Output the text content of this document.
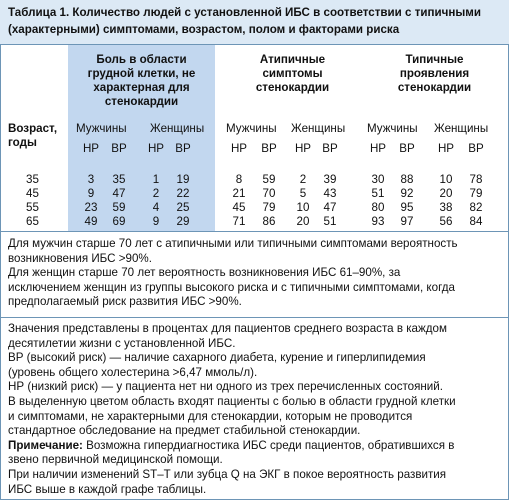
Таблица 1. Количество людей с установленной ИБС в соответствии с типичными (характерными) симптомами, возрастом, полом и факторами риска
Боль в области
грудной клетки, не
характерная для
стенокардии
Атипичные
симптомы
стенокардии
Типичные
проявления
стенокардии
Возраст,
годы
Мужчины Женщины Мужчины Женщины Мужчины Женщины
НР	ВР	НР ВР	НР	ВР	НР ВР	НР	ВР	НР	ВР
35	3	35	1	19	8	59	2	39	30	88	10	78
45	9	47	2	22	21	70	5	43	51	92	20	79
55	23	59	4	25	45	79	10	47	80	95	38	82
65	49	69	9	29	71	86	20	51	93	97	56	84

Для мужчин старше 70 лет с атипичными или типичными симптомами вероятность

возникновения ИБС >90%.

Для женщин старше 70 лет вероятность возникновения ИБС 61–90%, за

исключением женщин из группы высокого риска и с типичными симптомами, когда

предполагаемый риск развития ИБС >90%.

Значения представлены в процентах для пациентов среднего возраста в каждом

десятилетии жизни с установленной ИБС.

ВР (высокий риск) — наличие сахарного диабета, курение и гиперлипидемия

(уровень общего холестерина >6,47 ммоль/л).

НР (низкий риск) — у пациента нет ни одного из трех перечисленных состояний.

В выделенную цветом область входят пациенты с болью в области грудной клетки

и симптомами, не характерными для стенокардии, которым не проводится

стандартное обследование на предмет стабильной стенокардии.

Примечание: Возможна гипердиагностика ИБС среди пациентов, обратившихся в

звено первичной медицинской помощи.

При наличии изменений ST–T или зубца Q на ЭКГ в покое вероятность развития

ИБС выше в каждой графе таблицы.
